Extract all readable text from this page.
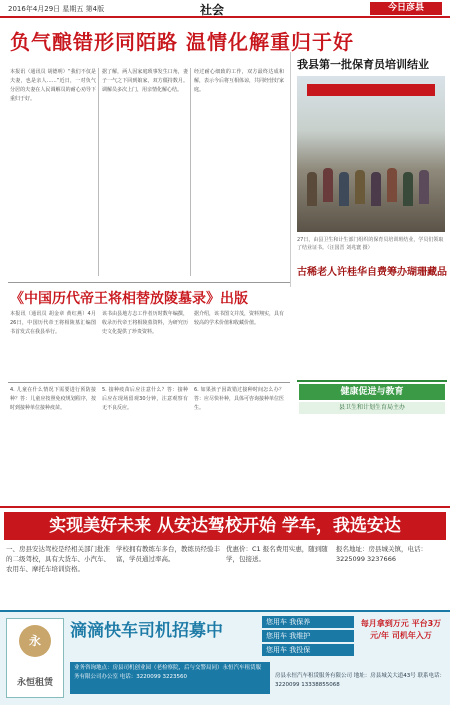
2016年4月29日 星期五 第4版	社会	今日彦县
负气酿错形同陌路 温情化解重归于好
本报讯（通讯员 胡德明）“我们不仅是夫妻，也是亲人……”近日，一对负气分居的夫妻在人民调解员的耐心劝导下重归于好。
据了解，两人因家庭琐事发生口角，妻子一气之下回到娘家，双方僵持数月。调解员多次上门，用亲情化解心结。
经过耐心细致的工作，双方最终达成和解，表示今后将互相体谅，共同经营好家庭。
我县第一批保育员培训结业
27日，由县卫生和计生部门组织的保育员培训班结业，学员们领取了结业证书。（汪国晋 刘兆寰 摄）
古稀老人许桂华自费筹办瑚珊藏品
《中国历代帝王将相替放陵墓录》出版
本报讯（通讯员 胡金章 黄红燕）4月26日，中国历代帝王将相陵墓汇编图书首发式在我县举行。
该书由县地方志工作者历时数年编撰，收录历代帝王将相陵墓资料，为研究历史文化提供了珍贵资料。
据介绍，该书图文并茂，资料翔实，具有较高的学术价值和收藏价值。
4. 儿童在什么情况下需要进行预防接种？答：儿童应按照免疫规划程序，按时到接种单位接种疫苗。
5. 接种疫苗后应注意什么？答：接种后应在现场留观30分钟，注意观察有无不良反应。
6. 如果孩子因故错过接种时间怎么办？答：应尽快补种，具体可咨询接种单位医生。
健康促进与教育
县卫生和计划生育局主办
实现美好未来 从安达驾校开始 学车，我选安达
一、房县安达驾校是经相关部门批准的二级驾校，具有大货车、小汽车、农用车、摩托车培训资格。
学校拥有教练车多台，教练员经验丰富，学员通过率高。
优惠价：C1 报名费用实惠，随到随学，包接送。
报名地址：房县城关镇，电话：3225099 3237666
永
永恒租赁
滴滴快车司机招募中	您用车 我保养
您用车 我维护
您用车 我投保
每月拿到万元 平台3万元/年 司机年入万
业务咨询地点：房县司机创业园（老检察院，后与交警局同）永恒汽车租赁服务有限公司办公室 电话：3220099 3223560	房县永恒汽车租赁服务有限公司 地址：房县城关大道43号 联系电话：3220099 13338855068
